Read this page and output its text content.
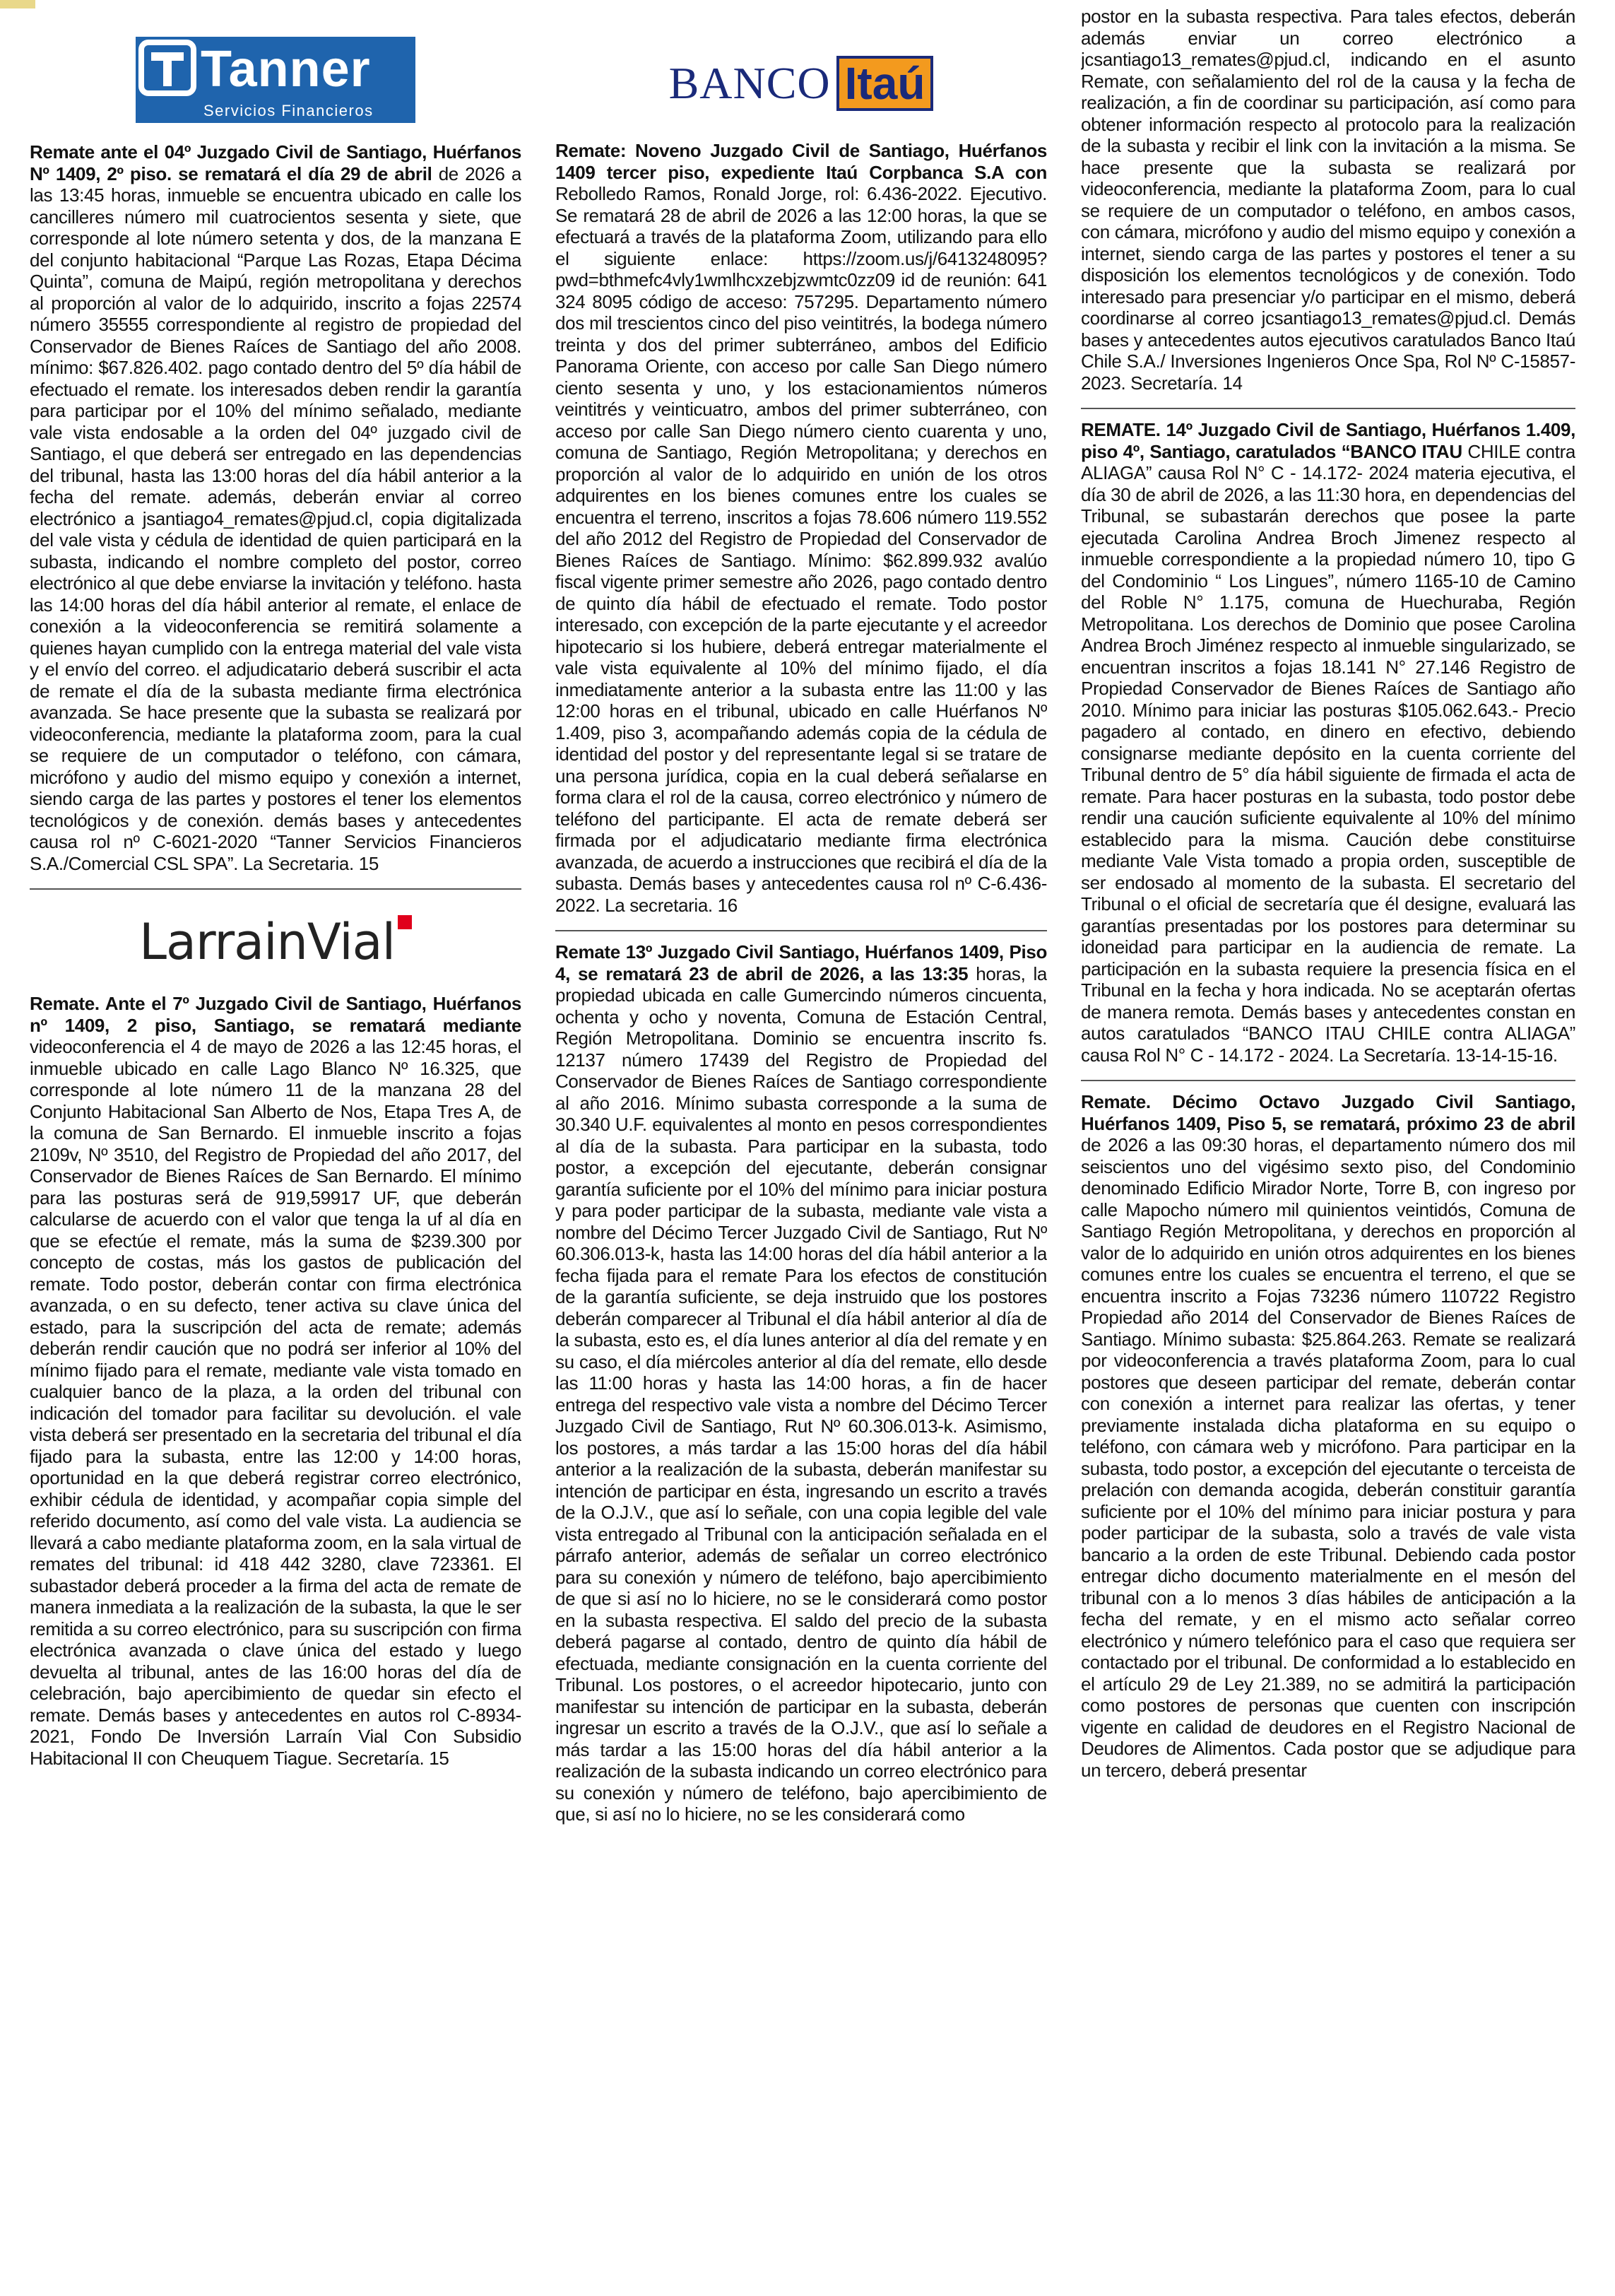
Tanner
Servicios Financieros

Remate ante el 04º Juzgado Civil de Santiago, Huérfanos Nº 1409, 2º piso. se rematará el día 29 de abril de 2026 a las 13:45 horas, inmueble se encuentra ubicado en calle los cancilleres número mil cuatrocientos sesenta y siete, que corresponde al lote número setenta y dos, de la manzana E del conjunto habitacional “Parque Las Rozas, Etapa Décima Quinta”, comuna de Maipú, región metropolitana y derechos al proporción al valor de lo adquirido, inscrito a fojas 22574 número 35555 correspondiente al registro de propiedad del Conservador de Bienes Raíces de Santiago del año 2008. mínimo: $67.826.402. pago contado dentro del 5º día hábil de efectuado el remate. los interesados deben rendir la garantía para participar por el 10% del mínimo señalado, mediante vale vista endosable a la orden del 04º juzgado civil de Santiago, el que deberá ser entregado en las dependencias del tribunal, hasta las 13:00 horas del día hábil anterior a la fecha del remate. además, deberán enviar al correo electrónico a jsantiago4_remates@pjud.cl, copia digitalizada del vale vista y cédula de identidad de quien participará en la subasta, indicando el nombre completo del postor, correo electrónico al que debe enviarse la invitación y teléfono. hasta las 14:00 horas del día hábil anterior al remate, el enlace de conexión a la videoconferencia se remitirá solamente a quienes hayan cumplido con la entrega material del vale vista y el envío del correo. el adjudicatario deberá suscribir el acta de remate el día de la subasta mediante firma electrónica avanzada. Se hace presente que la subasta se realizará por videoconferencia, mediante la plataforma zoom, para la cual se requiere de un computador o teléfono, con cámara, micrófono y audio del mismo equipo y conexión a internet, siendo carga de las partes y postores el tener los elementos tecnológicos y de conexión. demás bases y antecedentes causa rol nº C-6021-2020 “Tanner Servicios Financieros S.A./Comercial CSL SPA”. La Secretaria. 15

LarrainVial

Remate. Ante el 7º Juzgado Civil de Santiago, Huérfanos nº 1409, 2 piso, Santiago, se rematará mediante videoconferencia el 4 de mayo de 2026 a las 12:45 horas, el inmueble ubicado en calle Lago Blanco Nº 16.325, que corresponde al lote número 11 de la manzana 28 del Conjunto Habitacional San Alberto de Nos, Etapa Tres A, de la comuna de San Bernardo. El inmueble inscrito a fojas 2109v, Nº 3510, del Registro de Propiedad del año 2017, del Conservador de Bienes Raíces de San Bernardo. El mínimo para las posturas será de 919,59917 UF, que deberán calcularse de acuerdo con el valor que tenga la uf al día en que se efectúe el remate, más la suma de $239.300 por concepto de costas, más los gastos de publicación del remate. Todo postor, deberán contar con firma electrónica avanzada, o en su defecto, tener activa su clave única del estado, para la suscripción del acta de remate; además deberán rendir caución que no podrá ser inferior al 10% del mínimo fijado para el remate, mediante vale vista tomado en cualquier banco de la plaza, a la orden del tribunal con indicación del tomador para facilitar su devolución. el vale vista deberá ser presentado en la secretaria del tribunal el día fijado para la subasta, entre las 12:00 y 14:00 horas, oportunidad en la que deberá registrar correo electrónico, exhibir cédula de identidad, y acompañar copia simple del referido documento, así como del vale vista. La audiencia se llevará a cabo mediante plataforma zoom, en la sala virtual de remates del tribunal: id 418 442 3280, clave 723361. El subastador deberá proceder a la firma del acta de remate de manera inmediata a la realización de la subasta, la que le ser remitida a su correo electrónico, para su suscripción con firma electrónica avanzada o clave única del estado y luego devuelta al tribunal, antes de las 16:00 horas del día de celebración, bajo apercibimiento de quedar sin efecto el remate. Demás bases y antecedentes en autos rol C-8934-2021, Fondo De Inversión Larraín Vial Con Subsidio Habitacional II con Cheuquem Tiague. Secretaría. 15

BANCO Itaú

Remate: Noveno Juzgado Civil de Santiago, Huérfanos 1409 tercer piso, expediente Itaú Corpbanca S.A con Rebolledo Ramos, Ronald Jorge, rol: 6.436-2022. Ejecutivo. Se rematará 28 de abril de 2026 a las 12:00 horas, la que se efectuará a través de la plataforma Zoom, utilizando para ello el siguiente enlace: https://zoom.us/j/6413248095?pwd=bthmefc4vly1wmlhcxzebjzwmtc0zz09 id de reunión: 641 324 8095 código de acceso: 757295. Departamento número dos mil trescientos cinco del piso veintitrés, la bodega número treinta y dos del primer subterráneo, ambos del Edificio Panorama Oriente, con acceso por calle San Diego número ciento sesenta y uno, y los estacionamientos números veintitrés y veinticuatro, ambos del primer subterráneo, con acceso por calle San Diego número ciento cuarenta y uno, comuna de Santiago, Región Metropolitana; y derechos en proporción al valor de lo adquirido en unión de los otros adquirentes en los bienes comunes entre los cuales se encuentra el terreno, inscritos a fojas 78.606 número 119.552 del año 2012 del Registro de Propiedad del Conservador de Bienes Raíces de Santiago. Mínimo: $62.899.932 avalúo fiscal vigente primer semestre año 2026, pago contado dentro de quinto día hábil de efectuado el remate. Todo postor interesado, con excepción de la parte ejecutante y el acreedor hipotecario si los hubiere, deberá entregar materialmente el vale vista equivalente al 10% del mínimo fijado, el día inmediatamente anterior a la subasta entre las 11:00 y las 12:00 horas en el tribunal, ubicado en calle Huérfanos Nº 1.409, piso 3, acompañando además copia de la cédula de identidad del postor y del representante legal si se tratare de una persona jurídica, copia en la cual deberá señalarse en forma clara el rol de la causa, correo electrónico y número de teléfono del participante. El acta de remate deberá ser firmada por el adjudicatario mediante firma electrónica avanzada, de acuerdo a instrucciones que recibirá el día de la subasta. Demás bases y antecedentes causa rol nº C-6.436-2022. La secretaria. 16

Remate 13º Juzgado Civil Santiago, Huérfanos 1409, Piso 4, se rematará 23 de abril de 2026, a las 13:35 horas, la propiedad ubicada en calle Gumercindo números cincuenta, ochenta y ocho y noventa, Comuna de Estación Central, Región Metropolitana. Dominio se encuentra inscrito fs. 12137 número 17439 del Registro de Propiedad del Conservador de Bienes Raíces de Santiago correspondiente al año 2016. Mínimo subasta corresponde a la suma de 30.340 U.F. equivalentes al monto en pesos correspondientes al día de la subasta. Para participar en la subasta, todo postor, a excepción del ejecutante, deberán consignar garantía suficiente por el 10% del mínimo para iniciar postura y para poder participar de la subasta, mediante vale vista a nombre del Décimo Tercer Juzgado Civil de Santiago, Rut Nº 60.306.013-k, hasta las 14:00 horas del día hábil anterior a la fecha fijada para el remate Para los efectos de constitución de la garantía suficiente, se deja instruido que los postores deberán comparecer al Tribunal el día hábil anterior al día de la subasta, esto es, el día lunes anterior al día del remate y en su caso, el día miércoles anterior al día del remate, ello desde las 11:00 horas y hasta las 14:00 horas, a fin de hacer entrega del respectivo vale vista a nombre del Décimo Tercer Juzgado Civil de Santiago, Rut Nº 60.306.013-k. Asimismo, los postores, a más tardar a las 15:00 horas del día hábil anterior a la realización de la subasta, deberán manifestar su intención de participar en ésta, ingresando un escrito a través de la O.J.V., que así lo señale, con una copia legible del vale vista entregado al Tribunal con la anticipación señalada en el párrafo anterior, además de señalar un correo electrónico para su conexión y número de teléfono, bajo apercibimiento de que si así no lo hiciere, no se le considerará como postor en la subasta respectiva. El saldo del precio de la subasta deberá pagarse al contado, dentro de quinto día hábil de efectuada, mediante consignación en la cuenta corriente del Tribunal. Los postores, o el acreedor hipotecario, junto con manifestar su intención de participar en la subasta, deberán ingresar un escrito a través de la O.J.V., que así lo señale a más tardar a las 15:00 horas del día hábil anterior a la realización de la subasta indicando un correo electrónico para su conexión y número de teléfono, bajo apercibimiento de que, si así no lo hiciere, no se les considerará como

postor en la subasta respectiva. Para tales efectos, deberán además enviar un correo electrónico a jcsantiago13_remates@pjud.cl, indicando en el asunto Remate, con señalamiento del rol de la causa y la fecha de realización, a fin de coordinar su participación, así como para obtener información respecto al protocolo para la realización de la subasta y recibir el link con la invitación a la misma. Se hace presente que la subasta se realizará por videoconferencia, mediante la plataforma Zoom, para lo cual se requiere de un computador o teléfono, en ambos casos, con cámara, micrófono y audio del mismo equipo y conexión a internet, siendo carga de las partes y postores el tener a su disposición los elementos tecnológicos y de conexión. Todo interesado para presenciar y/o participar en el mismo, deberá coordinarse al correo jcsantiago13_remates@pjud.cl. Demás bases y antecedentes autos ejecutivos caratulados Banco Itaú Chile S.A./ Inversiones Ingenieros Once Spa, Rol Nº C-15857-2023. Secretaría. 14

REMATE. 14º Juzgado Civil de Santiago, Huérfanos 1.409, piso 4º, Santiago, caratulados “BANCO ITAU CHILE contra ALIAGA” causa Rol N° C - 14.172- 2024 materia ejecutiva, el día 30 de abril de 2026, a las 11:30 hora, en dependencias del Tribunal, se subastarán derechos que posee la parte ejecutada Carolina Andrea Broch Jimenez respecto al inmueble correspondiente a la propiedad número 10, tipo G del Condominio “ Los Lingues”, número 1165-10 de Camino del Roble N° 1.175, comuna de Huechuraba, Región Metropolitana. Los derechos de Dominio que posee Carolina Andrea Broch Jiménez respecto al inmueble singularizado, se encuentran inscritos a fojas 18.141 N° 27.146 Registro de Propiedad Conservador de Bienes Raíces de Santiago año 2010. Mínimo para iniciar las posturas $105.062.643.- Precio pagadero al contado, en dinero en efectivo, debiendo consignarse mediante depósito en la cuenta corriente del Tribunal dentro de 5° día hábil siguiente de firmada el acta de remate. Para hacer posturas en la subasta, todo postor debe rendir una caución suficiente equivalente al 10% del mínimo establecido para la misma. Caución debe constituirse mediante Vale Vista tomado a propia orden, susceptible de ser endosado al momento de la subasta. El secretario del Tribunal o el oficial de secretaría que él designe, evaluará las garantías presentadas por los postores para determinar su idoneidad para participar en la audiencia de remate. La participación en la subasta requiere la presencia física en el Tribunal en la fecha y hora indicada. No se aceptarán ofertas de manera remota. Demás bases y antecedentes constan en autos caratulados “BANCO ITAU CHILE contra ALIAGA” causa Rol N° C - 14.172 - 2024. La Secretaría. 13-14-15-16.

Remate. Décimo Octavo Juzgado Civil Santiago, Huérfanos 1409, Piso 5, se rematará, próximo 23 de abril de 2026 a las 09:30 horas, el departamento número dos mil seiscientos uno del vigésimo sexto piso, del Condominio denominado Edificio Mirador Norte, Torre B, con ingreso por calle Mapocho número mil quinientos veintidós, Comuna de Santiago Región Metropolitana, y derechos en proporción al valor de lo adquirido en unión otros adquirentes en los bienes comunes entre los cuales se encuentra el terreno, el que se encuentra inscrito a Fojas 73236 número 110722 Registro Propiedad año 2014 del Conservador de Bienes Raíces de Santiago. Mínimo subasta: $25.864.263. Remate se realizará por videoconferencia a través plataforma Zoom, para lo cual postores que deseen participar del remate, deberán contar con conexión a internet para realizar las ofertas, y tener previamente instalada dicha plataforma en su equipo o teléfono, con cámara web y micrófono. Para participar en la subasta, todo postor, a excepción del ejecutante o terceista de prelación con demanda acogida, deberán constituir garantía suficiente por el 10% del mínimo para iniciar postura y para poder participar de la subasta, solo a través de vale vista bancario a la orden de este Tribunal. Debiendo cada postor entregar dicho documento materialmente en el mesón del tribunal con a lo menos 3 días hábiles de anticipación a la fecha del remate, y en el mismo acto señalar correo electrónico y número telefónico para el caso que requiera ser contactado por el tribunal. De conformidad a lo establecido en el artículo 29 de Ley 21.389, no se admitirá la participación como postores de personas que cuenten con inscripción vigente en calidad de deudores en el Registro Nacional de Deudores de Alimentos. Cada postor que se adjudique para un tercero, deberá presentar
